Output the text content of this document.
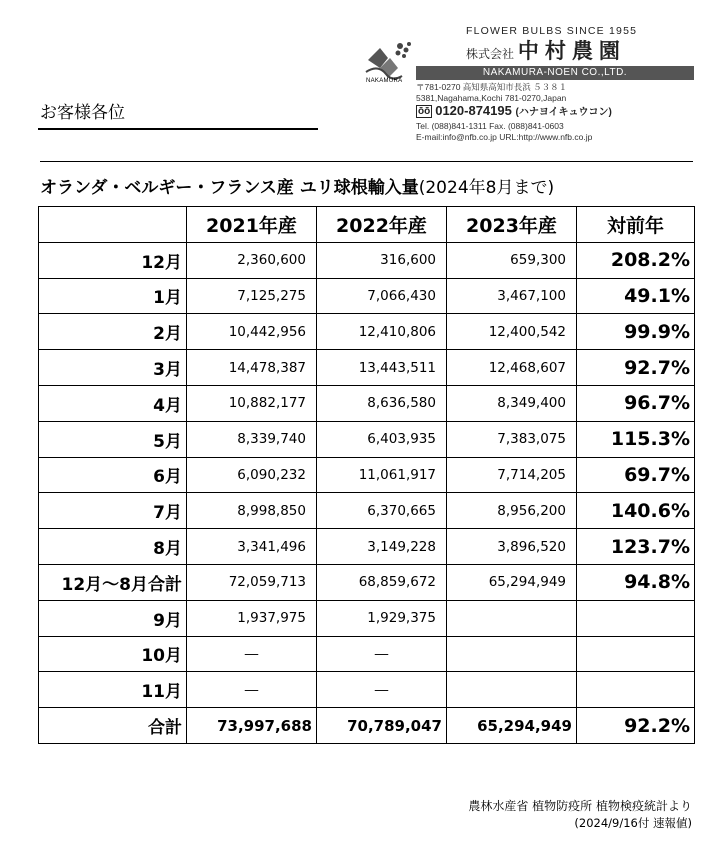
お客様各位
NAKAMURA
FLOWER BULBS SINCE 1955
株式会社 中村農園
NAKAMURA-NOEN CO.,LTD.
〒781-0270 高知県高知市長浜 ５３８１
5381,Nagahama,Kochi 781-0270,Japan
ōō 0120-874195 (ハナヨイキュウコン)
Tel. (088)841-1311 Fax. (088)841-0603
E-mail:info@nfb.co.jp URL:http://www.nfb.co.jp
オランダ・ベルギー・フランス産 ユリ球根輸入量(2024年8月まで)
	2021年産	2022年産	2023年産	対前年
12月	2,360,600	316,600	659,300	208.2%
1月	7,125,275	7,066,430	3,467,100	49.1%
2月	10,442,956	12,410,806	12,400,542	99.9%
3月	14,478,387	13,443,511	12,468,607	92.7%
4月	10,882,177	8,636,580	8,349,400	96.7%
5月	8,339,740	6,403,935	7,383,075	115.3%
6月	6,090,232	11,061,917	7,714,205	69.7%
7月	8,998,850	6,370,665	8,956,200	140.6%
8月	3,341,496	3,149,228	3,896,520	123.7%
12月～8月合計	72,059,713	68,859,672	65,294,949	94.8%
9月	1,937,975	1,929,375		
10月	―	―		
11月	―	―		
合計	73,997,688	70,789,047	65,294,949	92.2%
農林水産省 植物防疫所 植物検疫統計より
(2024/9/16付 速報値)
